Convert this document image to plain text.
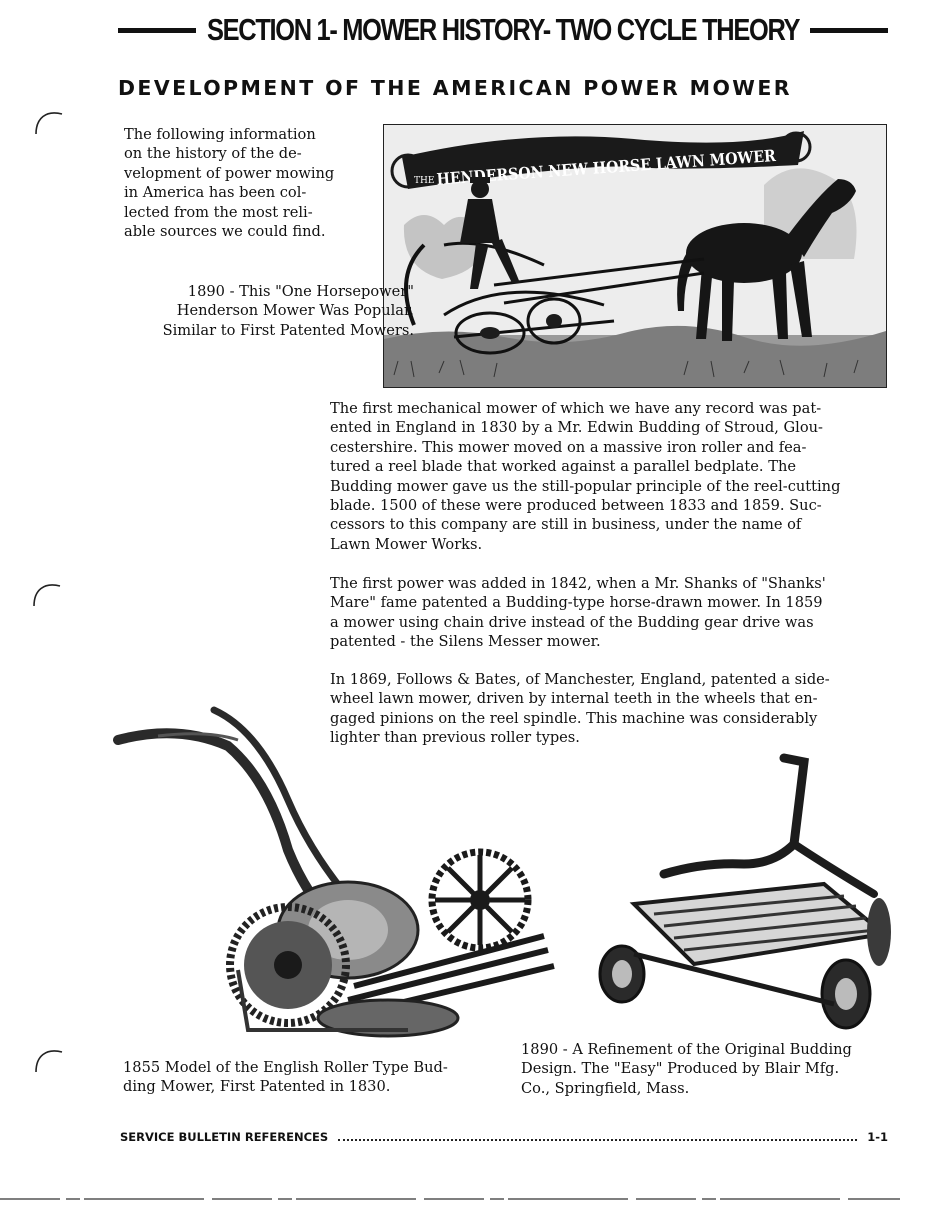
SECTION 1- MOWER HISTORY- TWO CYCLE THEORY
DEVELOPMENT OF THE AMERICAN POWER MOWER
The following information
on the history of the de-
velopment of power mowing
in America has been col-
lected from the most reli-
able sources we could find.
THE HENDERSON NEW HORSE LAWN MOWER
1890 - This "One Horsepower"
Henderson Mower Was Popular.
Similar to First Patented Mowers.
The first mechanical mower of which we have any record was pat-
ented in England in 1830 by a Mr. Edwin Budding of Stroud, Glou-
cestershire. This mower moved on a massive iron roller and fea-
tured a reel blade that worked against a parallel bedplate. The
Budding mower gave us the still-popular principle of the reel-cutting
blade. 1500 of these were produced between 1833 and 1859. Suc-
cessors to this company are still in business, under the name of
Lawn Mower Works.
The first power was added in 1842, when a Mr. Shanks of "Shanks'
Mare" fame patented a Budding-type horse-drawn mower. In 1859
a mower using chain drive instead of the Budding gear drive was
patented - the Silens Messer mower.
In 1869, Follows & Bates, of Manchester, England, patented a side-
wheel lawn mower, driven by internal teeth in the wheels that en-
gaged pinions on the reel spindle. This machine was considerably
lighter than previous roller types.
1855 Model of the English Roller Type Bud-
ding Mower, First Patented in 1830.
1890 - A Refinement of the Original Budding
Design. The "Easy" Produced by Blair Mfg.
Co., Springfield, Mass.
SERVICE BULLETIN REFERENCES	1-1
